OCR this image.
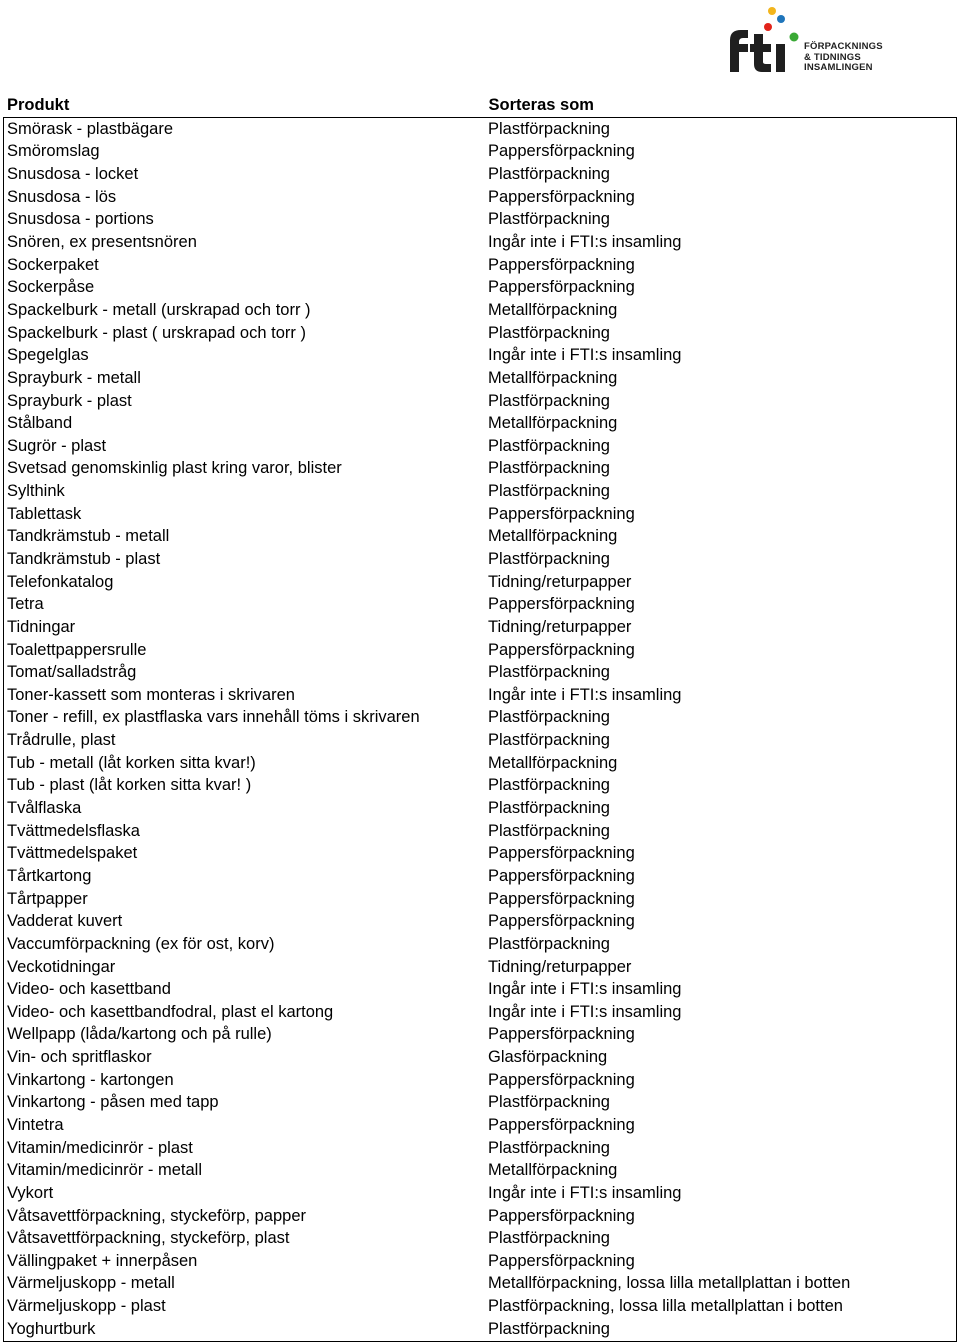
FÖRPACKNINGS
& TIDNINGS
INSAMLINGEN
Produkt	Sorteras som
Smörask - plastbägare	Plastförpackning
Smöromslag	Pappersförpackning
Snusdosa - locket	Plastförpackning
Snusdosa - lös	Pappersförpackning
Snusdosa - portions	Plastförpackning
Snören, ex presentsnören	Ingår inte i FTI:s insamling
Sockerpaket	Pappersförpackning
Sockerpåse	Pappersförpackning
Spackelburk - metall (urskrapad och torr )	Metallförpackning
Spackelburk - plast ( urskrapad och torr )	Plastförpackning
Spegelglas	Ingår inte i FTI:s insamling
Sprayburk - metall	Metallförpackning
Sprayburk - plast	Plastförpackning
Stålband	Metallförpackning
Sugrör - plast	Plastförpackning
Svetsad genomskinlig plast kring varor, blister	Plastförpackning
Sylthink	Plastförpackning
Tablettask	Pappersförpackning
Tandkrämstub - metall	Metallförpackning
Tandkrämstub - plast	Plastförpackning
Telefonkatalog	Tidning/returpapper
Tetra	Pappersförpackning
Tidningar	Tidning/returpapper
Toalettpappersrulle	Pappersförpackning
Tomat/salladstråg	Plastförpackning
Toner-kassett som monteras i skrivaren	Ingår inte i FTI:s insamling
Toner - refill, ex plastflaska vars innehåll töms i skrivaren	Plastförpackning
Trådrulle, plast	Plastförpackning
Tub - metall (låt korken sitta kvar!)	Metallförpackning
Tub - plast (låt korken sitta kvar! )	Plastförpackning
Tvålflaska	Plastförpackning
Tvättmedelsflaska	Plastförpackning
Tvättmedelspaket	Pappersförpackning
Tårtkartong	Pappersförpackning
Tårtpapper	Pappersförpackning
Vadderat kuvert	Pappersförpackning
Vaccumförpackning (ex för ost, korv)	Plastförpackning
Veckotidningar	Tidning/returpapper
Video- och kasettband	Ingår inte i FTI:s insamling
Video- och kasettbandfodral, plast el kartong	Ingår inte i FTI:s insamling
Wellpapp (låda/kartong och på rulle)	Pappersförpackning
Vin- och spritflaskor	Glasförpackning
Vinkartong - kartongen	Pappersförpackning
Vinkartong - påsen med tapp	Plastförpackning
Vintetra	Pappersförpackning
Vitamin/medicinrör - plast	Plastförpackning
Vitamin/medicinrör - metall	Metallförpackning
Vykort	Ingår inte i FTI:s insamling
Våtsavettförpackning, styckeförp, papper	Pappersförpackning
Våtsavettförpackning, styckeförp, plast	Plastförpackning
Vällingpaket + innerpåsen	Pappersförpackning
Värmeljuskopp - metall	Metallförpackning, lossa lilla metallplattan i botten
Värmeljuskopp - plast	Plastförpackning, lossa lilla metallplattan i botten
Yoghurtburk	Plastförpackning
